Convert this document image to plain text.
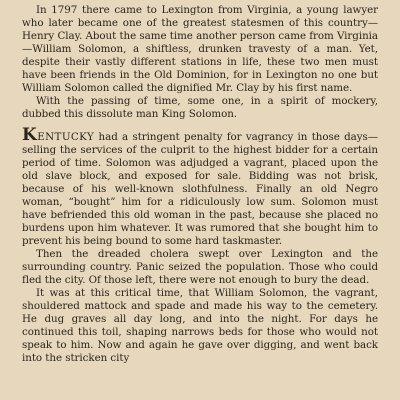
In 1797 there came to Lexington from Virginia, a young lawyer who later became one of the greatest statesmen of this country—Henry Clay. About the same time another person came from Virginia—William Solomon, a shiftless, drunken travesty of a man. Yet, despite their vastly different stations in life, these two men must have been friends in the Old Dominion, for in Lexington no one but William Solomon called the dignified Mr. Clay by his first name.

With the passing of time, some one, in a spirit of mockery, dubbed this dissolute man King Solomon.

KENTUCKY had a stringent penalty for vagrancy in those days—selling the services of the culprit to the highest bidder for a certain period of time. Solomon was adjudged a vagrant, placed upon the old slave block, and exposed for sale. Bidding was not brisk, because of his well-known slothfulness. Finally an old Negro woman, “bought” him for a ridiculously low sum. Solomon must have befriended this old woman in the past, because she placed no burdens upon him whatever. It was rumored that she bought him to prevent his being bound to some hard taskmaster.

Then the dreaded cholera swept over Lexington and the surrounding country. Panic seized the population. Those who could fled the city. Of those left, there were not enough to bury the dead.

It was at this critical time, that William Solomon, the vagrant, shouldered mattock and spade and made his way to the cemetery. He dug graves all day long, and into the night. For days he continued this toil, shaping narrows beds for those who would not speak to him. Now and again he gave over digging, and went back into the stricken city
